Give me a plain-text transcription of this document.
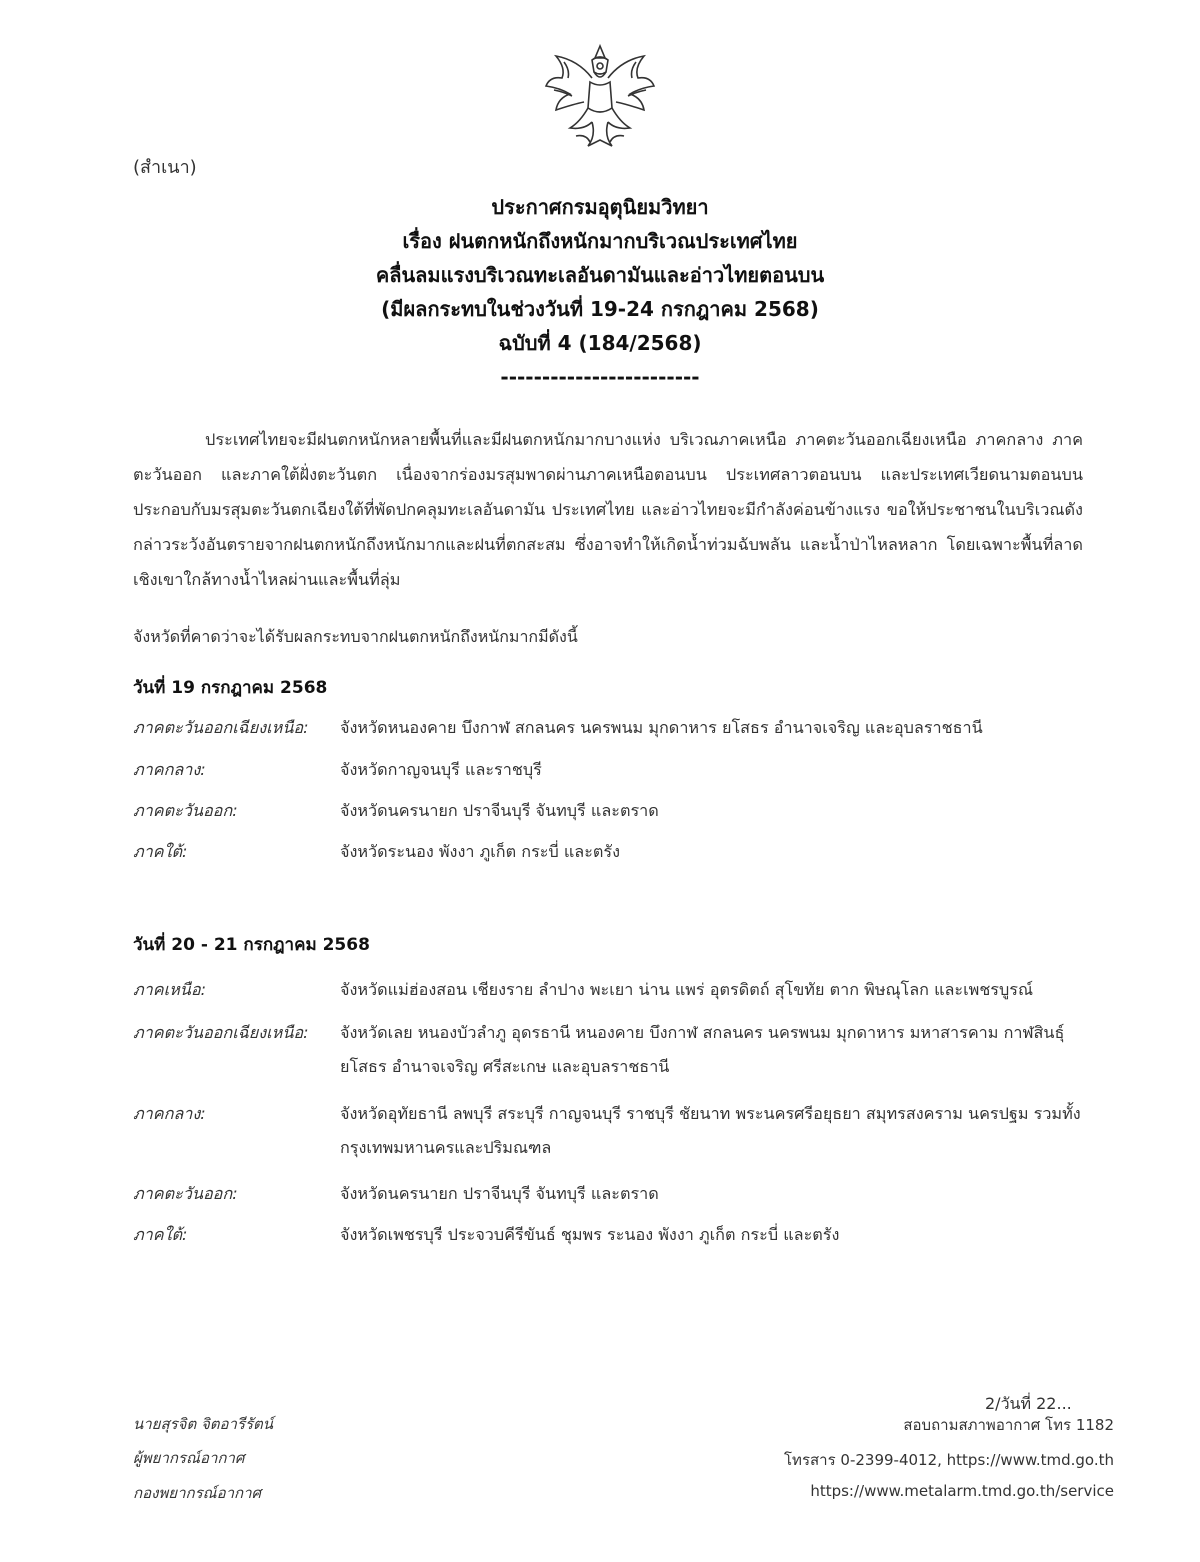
(สำเนา)
ประกาศกรมอุตุนิยมวิทยา
เรื่อง ฝนตกหนักถึงหนักมากบริเวณประเทศไทย
คลื่นลมแรงบริเวณทะเลอันดามันและอ่าวไทยตอนบน
(มีผลกระทบในช่วงวันที่ 19-24 กรกฎาคม 2568)
ฉบับที่ 4 (184/2568)
------------------------
ประเทศไทยจะมีฝนตกหนักหลายพื้นที่และมีฝนตกหนักมากบางแห่ง บริเวณภาคเหนือ ภาคตะวันออกเฉียงเหนือ ภาคกลาง ภาคตะวันออก และภาคใต้ฝั่งตะวันตก เนื่องจากร่องมรสุมพาดผ่านภาคเหนือตอนบน ประเทศลาวตอนบน และประเทศเวียดนามตอนบน ประกอบกับมรสุมตะวันตกเฉียงใต้ที่พัดปกคลุมทะเลอันดามัน ประเทศไทย และอ่าวไทยจะมีกำลังค่อนข้างแรง ขอให้ประชาชนในบริเวณดังกล่าวระวังอันตรายจากฝนตกหนักถึงหนักมากและฝนที่ตกสะสม ซึ่งอาจทำให้เกิดน้ำท่วมฉับพลัน และน้ำป่าไหลหลาก โดยเฉพาะพื้นที่ลาดเชิงเขาใกล้ทางน้ำไหลผ่านและพื้นที่ลุ่ม
จังหวัดที่คาดว่าจะได้รับผลกระทบจากฝนตกหนักถึงหนักมากมีดังนี้
วันที่ 19 กรกฎาคม 2568
ภาคตะวันออกเฉียงเหนือ:	จังหวัดหนองคาย บึงกาฬ สกลนคร นครพนม มุกดาหาร ยโสธร อำนาจเจริญ และอุบลราชธานี
ภาคกลาง:	จังหวัดกาญจนบุรี และราชบุรี
ภาคตะวันออก:	จังหวัดนครนายก ปราจีนบุรี จันทบุรี และตราด
ภาคใต้:	จังหวัดระนอง พังงา ภูเก็ต กระบี่ และตรัง
วันที่ 20 - 21 กรกฎาคม 2568
ภาคเหนือ:	จังหวัดแม่ฮ่องสอน เชียงราย ลำปาง พะเยา น่าน แพร่ อุตรดิตถ์ สุโขทัย ตาก พิษณุโลก และเพชรบูรณ์
ภาคตะวันออกเฉียงเหนือ:	จังหวัดเลย หนองบัวลำภู อุดรธานี หนองคาย บึงกาฬ สกลนคร นครพนม มุกดาหาร มหาสารคาม กาฬสินธุ์ ยโสธร อำนาจเจริญ ศรีสะเกษ และอุบลราชธานี
ภาคกลาง:	จังหวัดอุทัยธานี ลพบุรี สระบุรี กาญจนบุรี ราชบุรี ชัยนาท พระนครศรีอยุธยา สมุทรสงคราม นครปฐม รวมทั้งกรุงเทพมหานครและปริมณฑล
ภาคตะวันออก:	จังหวัดนครนายก ปราจีนบุรี จันทบุรี และตราด
ภาคใต้:	จังหวัดเพชรบุรี ประจวบคีรีขันธ์ ชุมพร ระนอง พังงา ภูเก็ต กระบี่ และตรัง
2/วันที่ 22...
นายสุรจิต จิตอารีรัตน์
ผู้พยากรณ์อากาศ
กองพยากรณ์อากาศ
สอบถามสภาพอากาศ โทร 1182
โทรสาร 0-2399-4012, https://www.tmd.go.th
https://www.metalarm.tmd.go.th/service
